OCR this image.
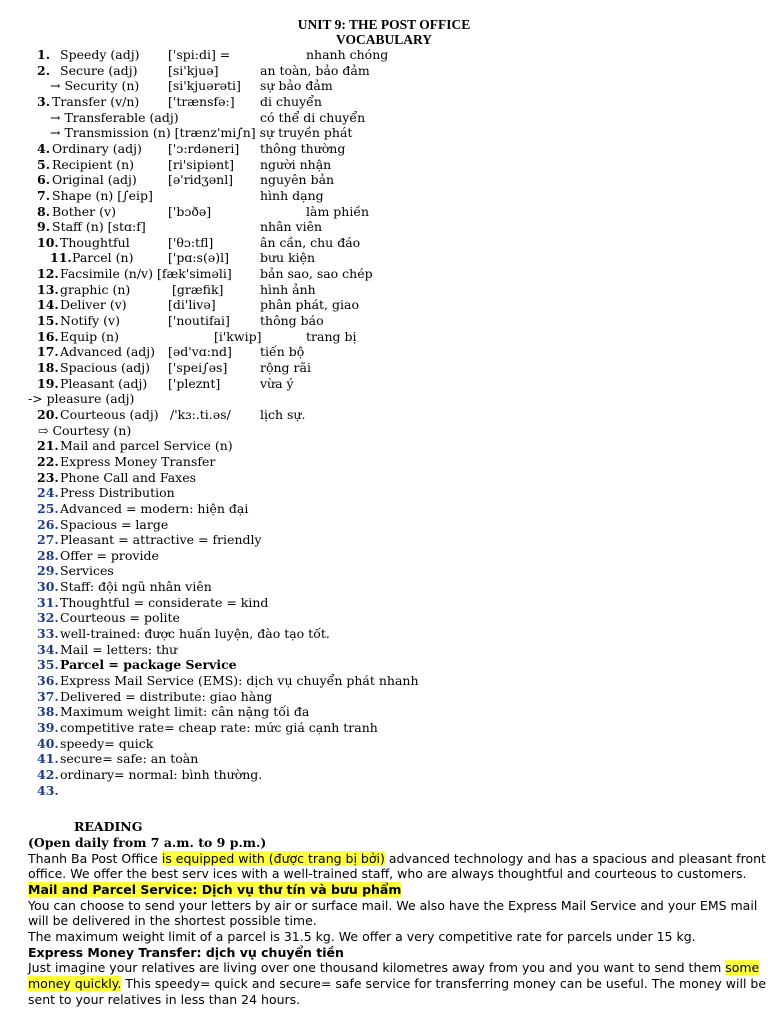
UNIT 9: THE POST OFFICE
VOCABULARY
1. Speedy (adj) ['spi:di] =	nhanh chóng
2. Secure (adj) [si'kjuə]	an toàn, bảo đảm
→ Security (n) [si'kjuərəti] sự bảo đảm
3. Transfer (v/n) ['trænsfə:] di chuyển
→ Transferable (adj)	có thể di chuyển
→ Transmission (n) [trænz'mi∫n] sự truyền phát
4. Ordinary (adj) ['ɔ:rdəneri] thông thường
5. Recipient (n)	[ri'sipiənt] người nhận
6. Original (adj) [ə'ridʒənl] nguyên bản
7. Shape (n) [∫eip]	hình dạng
8. Bother (v)	['bɔðə]	làm phiền
9. Staff (n) [stɑ:f]	nhân viên
10. Thoughtful	['θɔ:tfl]	ân cần, chu đáo
11. Parcel (n)	['pɑ:s(ə)l] bưu kiện
12. Facsimile (n/v) [fæk'siməli] bản sao, sao chép
13. graphic (n)	[græfik]	hình ảnh
14. Deliver (v)	[di'livə]	phân phát, giao
15. Notify (v)	['noutifai] thông báo
16. Equip (n)	[i'kwip]	trang bị
17. Advanced (adj) [əd'vɑ:nd] tiến bộ
18. Spacious (adj) ['spei∫əs]	rộng rãi
19. Pleasant (adj) ['pleznt]	vừa ý
-> pleasure (adj)
20. Courteous (adj) /'kɜ:.ti.əs/ lịch sự.
⇨ Courtesy (n)
21. Mail and parcel Service (n)
22. Express Money Transfer
23. Phone Call and Faxes
24. Press Distribution
25. Advanced = modern: hiện đại
26. Spacious = large
27. Pleasant = attractive = friendly
28. Offer = provide
29. Services
30. Staff: đội ngũ nhân viên
31. Thoughtful = considerate = kind
32. Courteous = polite
33. well-trained: được huấn luyện, đào tạo tốt.
34. Mail = letters: thư
35. Parcel = package Service
36. Express Mail Service (EMS): dịch vụ chuyển phát nhanh
37. Delivered = distribute: giao hàng
38. Maximum weight limit: cân nặng tối đa
39. competitive rate= cheap rate: mức giá cạnh tranh
40. speedy= quick
41. secure= safe: an toàn
42. ordinary= normal: bình thường.
43.
READING
(Open daily from 7 a.m. to 9 p.m.)
Thanh Ba Post Office is equipped with (được trang bị bởi) advanced technology and has a spacious and pleasant front
office. We offer the best serv ices with a well-trained staff, who are always thoughtful and courteous to customers.
Mail and Parcel Service: Dịch vụ thư tín và bưu phẩm
You can choose to send your letters by air or surface mail. We also have the Express Mail Service and your EMS mail
will be delivered in the shortest possible time.
The maximum weight limit of a parcel is 31.5 kg. We offer a very competitive rate for parcels under 15 kg.
Express Money Transfer: dịch vụ chuyển tiền
Just imagine your relatives are living over one thousand kilometres away from you and you want to send them some
money quickly. This speedy= quick and secure= safe service for transferring money can be useful. The money will be
sent to your relatives in less than 24 hours.
